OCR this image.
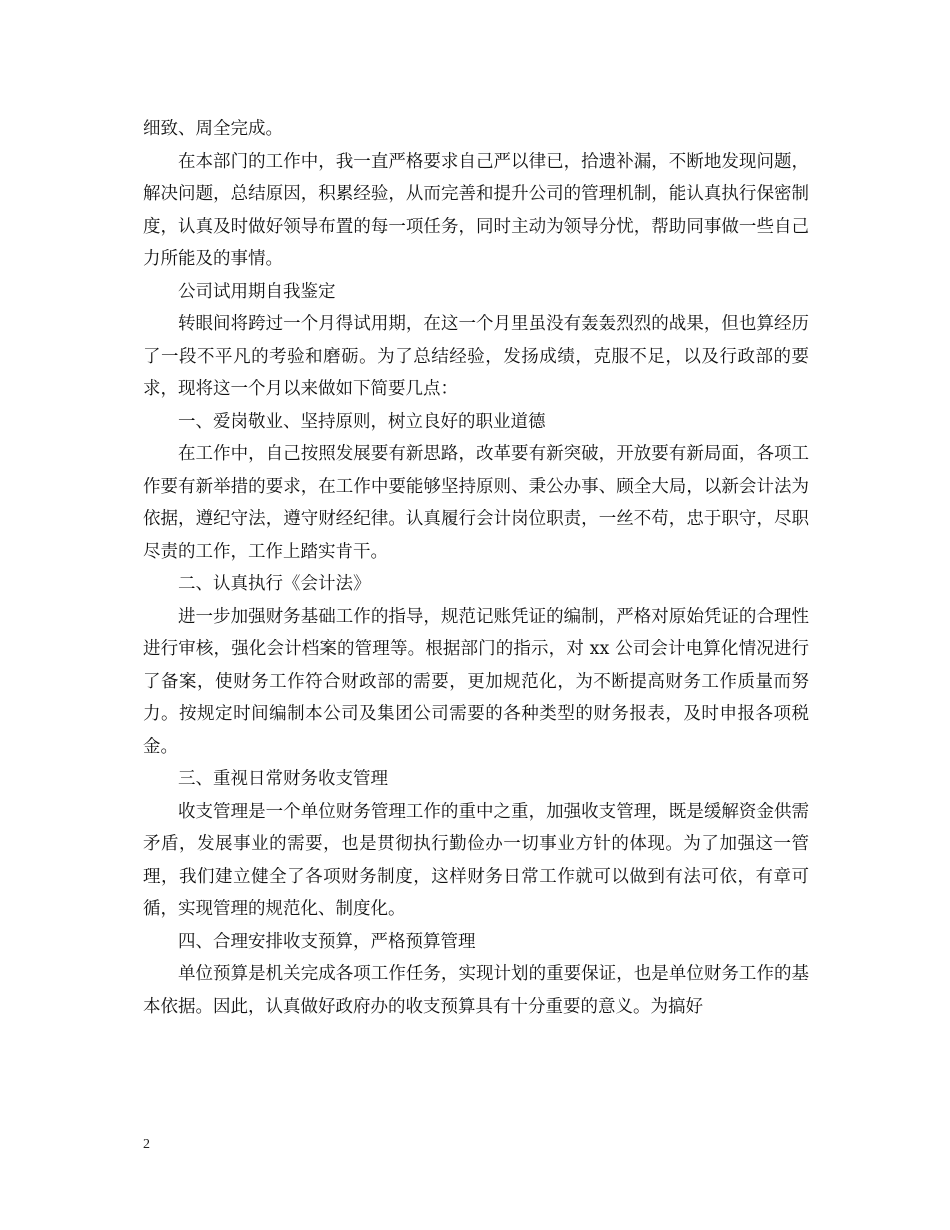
细致、周全完成。

在本部门的工作中，我一直严格要求自己严以律已，拾遗补漏，不断地发现问题，解决问题，总结原因，积累经验，从而完善和提升公司的管理机制，能认真执行保密制度，认真及时做好领导布置的每一项任务，同时主动为领导分忧，帮助同事做一些自己力所能及的事情。

公司试用期自我鉴定

转眼间将跨过一个月得试用期，在这一个月里虽没有轰轰烈烈的战果，但也算经历了一段不平凡的考验和磨砺。为了总结经验，发扬成绩，克服不足，以及行政部的要求，现将这一个月以来做如下简要几点：

一、爱岗敬业、坚持原则，树立良好的职业道德

在工作中，自己按照发展要有新思路，改革要有新突破，开放要有新局面，各项工作要有新举措的要求，在工作中要能够坚持原则、秉公办事、顾全大局，以新会计法为依据，遵纪守法，遵守财经纪律。认真履行会计岗位职责，一丝不苟，忠于职守，尽职尽责的工作，工作上踏实肯干。

二、认真执行《会计法》

进一步加强财务基础工作的指导，规范记账凭证的编制，严格对原始凭证的合理性进行审核，强化会计档案的管理等。根据部门的指示，对 xx 公司会计电算化情况进行了备案，使财务工作符合财政部的需要，更加规范化，为不断提高财务工作质量而努力。按规定时间编制本公司及集团公司需要的各种类型的财务报表，及时申报各项税金。

三、重视日常财务收支管理

收支管理是一个单位财务管理工作的重中之重，加强收支管理，既是缓解资金供需矛盾，发展事业的需要，也是贯彻执行勤俭办一切事业方针的体现。为了加强这一管理，我们建立健全了各项财务制度，这样财务日常工作就可以做到有法可依，有章可循，实现管理的规范化、制度化。

四、合理安排收支预算，严格预算管理

单位预算是机关完成各项工作任务，实现计划的重要保证，也是单位财务工作的基本依据。因此，认真做好政府办的收支预算具有十分重要的意义。为搞好

2
